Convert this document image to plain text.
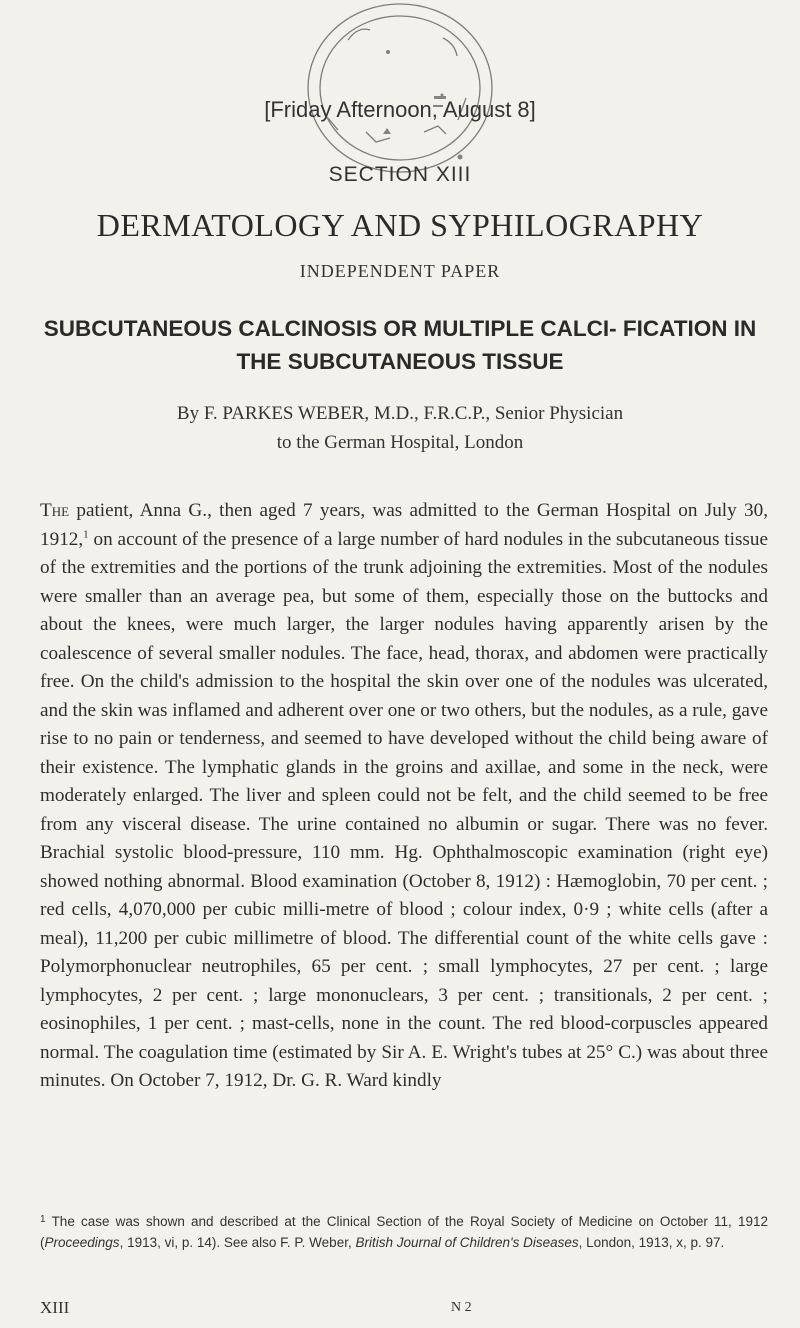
[Friday Afternoon, August 8]
SECTION XIII
DERMATOLOGY AND SYPHILOGRAPHY
INDEPENDENT PAPER
SUBCUTANEOUS CALCINOSIS OR MULTIPLE CALCI- FICATION IN THE SUBCUTANEOUS TISSUE
By F. PARKES WEBER, M.D., F.R.C.P., Senior Physician
to the German Hospital, London
The patient, Anna G., then aged 7 years, was admitted to the German Hospital on July 30, 1912,$^1$ on account of the presence of a large number of hard nodules in the subcutaneous tissue of the extremities and the portions of the trunk adjoining the extremities. Most of the nodules were smaller than an average pea, but some of them, especially those on the buttocks and about the knees, were much larger, the larger nodules having apparently arisen by the coalescence of several smaller nodules. The face, head, thorax, and abdomen were practically free. On the child's admission to the hospital the skin over one of the nodules was ulcerated, and the skin was inflamed and adherent over one or two others, but the nodules, as a rule, gave rise to no pain or tenderness, and seemed to have developed without the child being aware of their existence. The lymphatic glands in the groins and axillae, and some in the neck, were moderately enlarged. The liver and spleen could not be felt, and the child seemed to be free from any visceral disease. The urine contained no albumin or sugar. There was no fever. Brachial systolic blood-pressure, 110 mm. Hg. Ophthalmoscopic examination (right eye) showed nothing abnormal. Blood examination (October 8, 1912) : Hæmoglobin, 70 per cent. ; red cells, 4,070,000 per cubic milli-metre of blood ; colour index, 0·9 ; white cells (after a meal), 11,200 per cubic millimetre of blood. The differential count of the white cells gave : Polymorphonuclear neutrophiles, 65 per cent. ; small lymphocytes, 27 per cent. ; large lymphocytes, 2 per cent. ; large mononuclears, 3 per cent. ; transitionals, 2 per cent. ; eosinophiles, 1 per cent. ; mast-cells, none in the count. The red blood-corpuscles appeared normal. The coagulation time (estimated by Sir A. E. Wright's tubes at 25° C.) was about three minutes. On October 7, 1912, Dr. G. R. Ward kindly
$^1$ The case was shown and described at the Clinical Section of the Royal Society of Medicine on October 11, 1912 (Proceedings, 1913, vi, p. 14). See also F. P. Weber, British Journal of Children's Diseases, London, 1913, x, p. 97.
XIII	N 2
